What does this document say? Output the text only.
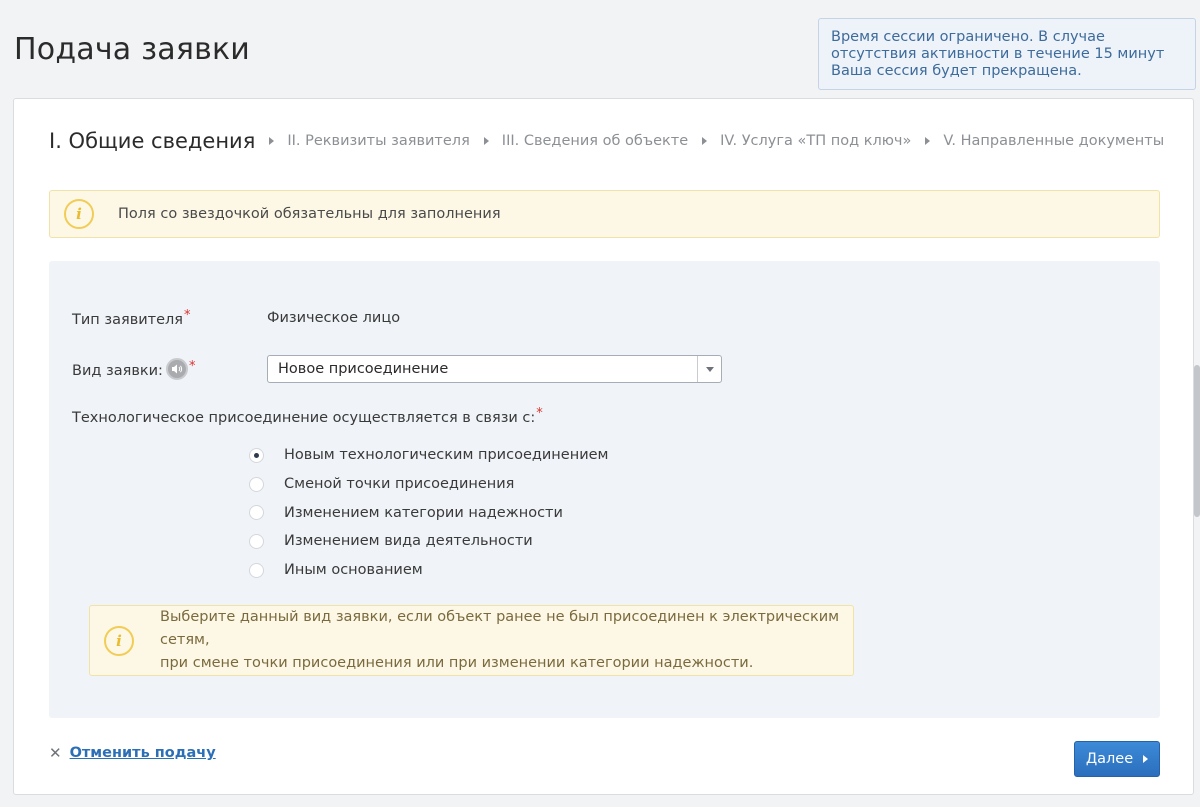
Подача заявки	Время сессии ограничено. В случае отсутствия активности в течение 15 минут Ваша сессия будет прекращена.
I. Общие сведения II. Реквизиты заявителя III. Сведения об объекте IV. Услуга «ТП под ключ» V. Направленные документы
i	Поля со звездочкой обязательны для заполнения
Тип заявителя*	Физическое лицо
Вид заявки: *	Новое присоединение
Технологическое присоединение осуществляется в связи с:*
Новым технологическим присоединением
Сменой точки присоединения
Изменением категории надежности
Изменением вида деятельности
Иным основанием
i
Выберите данный вид заявки, если объект ранее не был присоединен к электрическим сетям,
при смене точки присоединения или при изменении категории надежности.
✕ Отменить подачу	Далее
